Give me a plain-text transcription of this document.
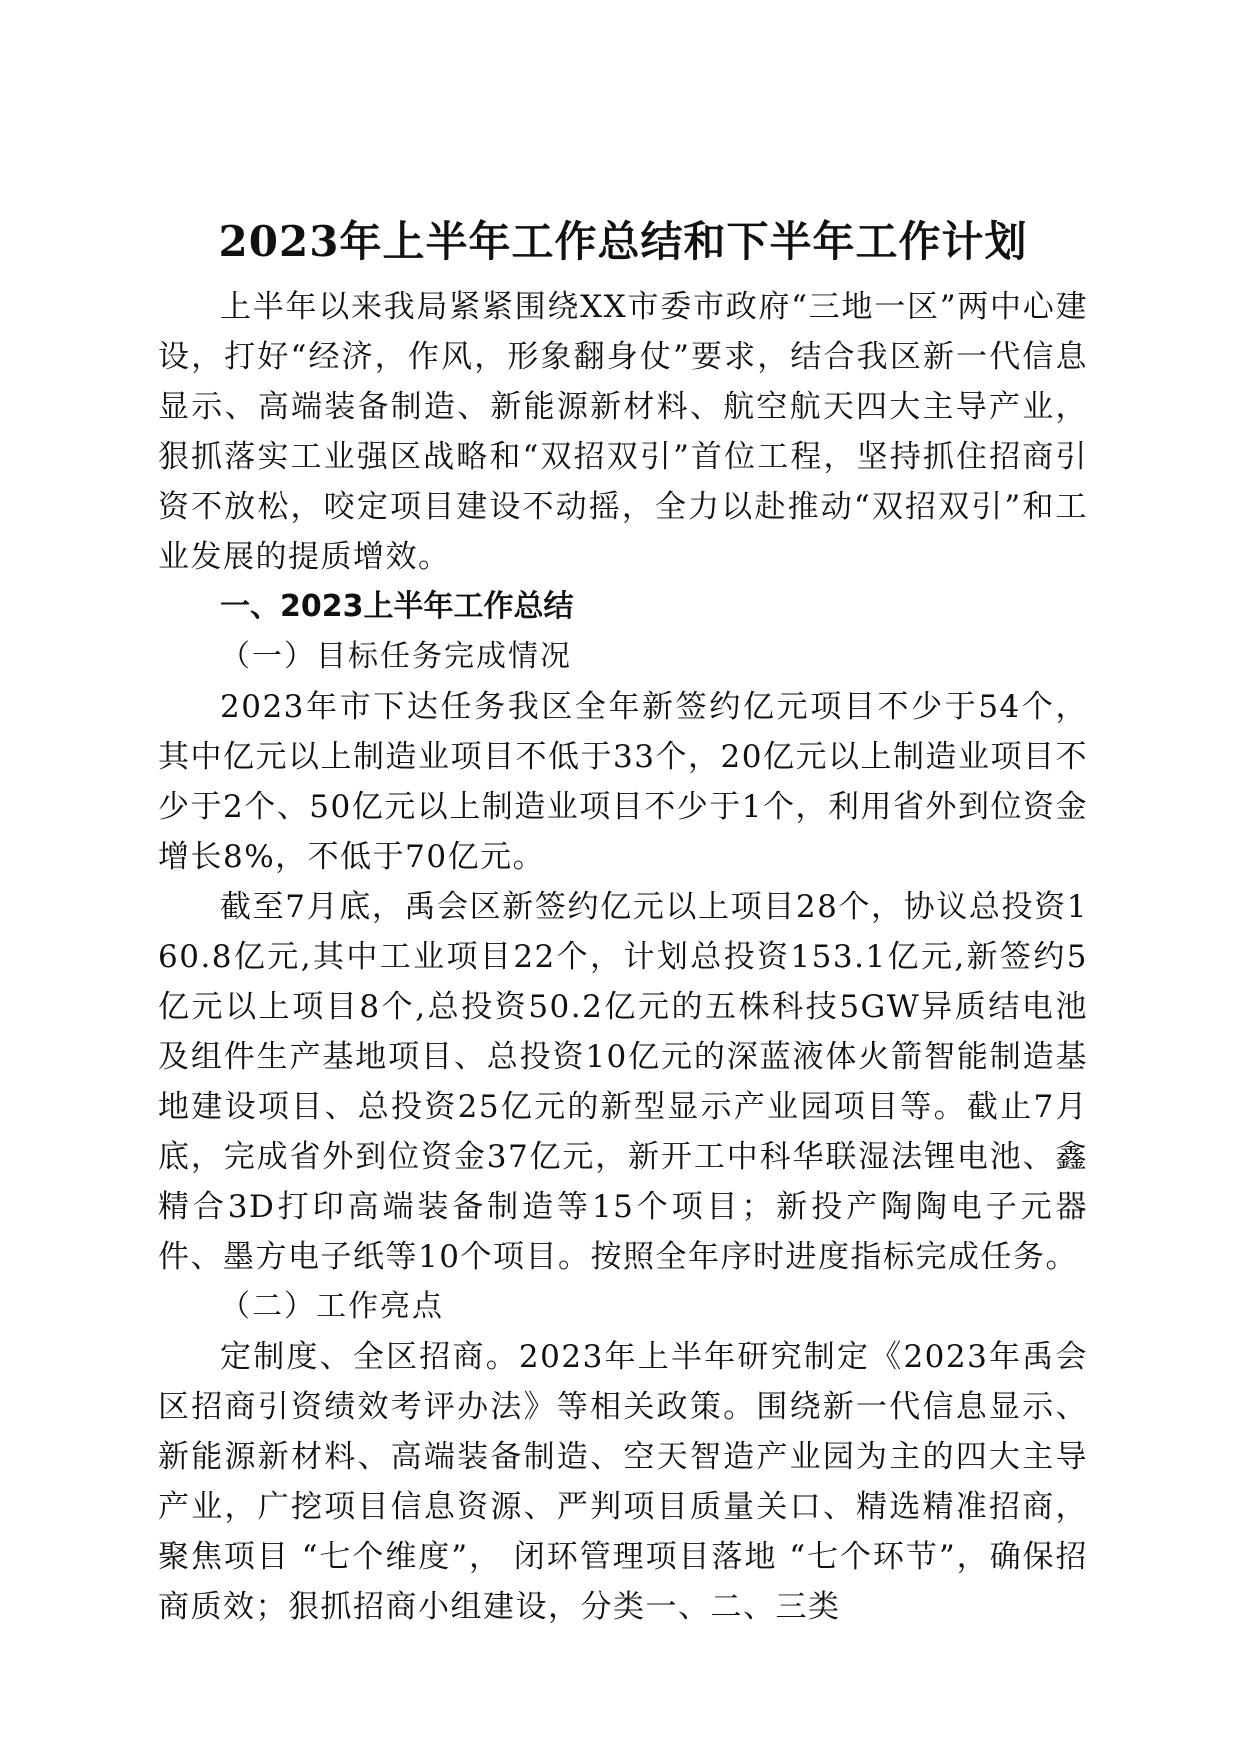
2023年上半年工作总结和下半年工作计划

上半年以来我局紧紧围绕XX市委市政府“三地一区”两中心建设，打好“经济，作风，形象翻身仗”要求，结合我区新一代信息显示、高端装备制造、新能源新材料、航空航天四大主导产业，狠抓落实工业强区战略和“双招双引”首位工程，坚持抓住招商引资不放松，咬定项目建设不动摇，全力以赴推动“双招双引”和工业发展的提质增效。

一、2023上半年工作总结

（一）目标任务完成情况

2023年市下达任务我区全年新签约亿元项目不少于54个，其中亿元以上制造业项目不低于33个，20亿元以上制造业项目不少于2个、50亿元以上制造业项目不少于1个，利用省外到位资金增长8%，不低于70亿元。

截至7月底，禹会区新签约亿元以上项目28个，协议总投资160.8亿元,其中工业项目22个，计划总投资153.1亿元,新签约5亿元以上项目8个,总投资50.2亿元的五株科技5GW异质结电池及组件生产基地项目、总投资10亿元的深蓝液体火箭智能制造基地建设项目、总投资25亿元的新型显示产业园项目等。截止7月底，完成省外到位资金37亿元，新开工中科华联湿法锂电池、鑫精合3D打印高端装备制造等15个项目；新投产陶陶电子元器件、墨方电子纸等10个项目。按照全年序时进度指标完成任务。

（二）工作亮点

定制度、全区招商。2023年上半年研究制定《2023年禹会区招商引资绩效考评办法》等相关政策。围绕新一代信息显示、新能源新材料、高端装备制造、空天智造产业园为主的四大主导产业，广挖项目信息资源、严判项目质量关口、精选精准招商，聚焦项目 “七个维度”， 闭环管理项目落地 “七个环节”，确保招商质效；狠抓招商小组建设，分类一、二、三类
